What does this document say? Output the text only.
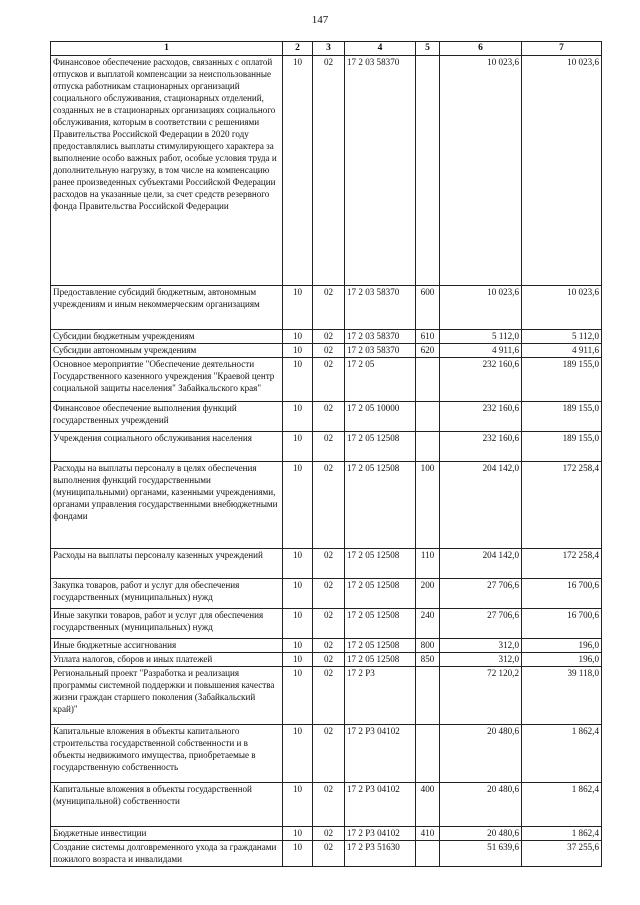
147
1	2	3	4	5	6	7
Финансовое обеспечение расходов, связанных с оплатой отпусков и выплатой компенсации за неиспользованные отпуска работникам стационарных организаций социального обслуживания, стационарных отделений, созданных не в стационарных организациях социального обслуживания, которым в соответствии с решениями Правительства Российской Федерации в 2020 году предоставлялись выплаты стимулирующего характера за выполнение особо важных работ, особые условия труда и дополнительную нагрузку, в том числе на компенсацию ранее произведенных субъектами Российской Федерации расходов на указанные цели, за счет средств резервного фонда Правительства Российской Федерации	10	02	17 2 03 58370		10 023,6	10 023,6
Предоставление субсидий бюджетным, автономным учреждениям и иным некоммерческим организациям	10	02	17 2 03 58370	600	10 023,6	10 023,6
Субсидии бюджетным учреждениям	10	02	17 2 03 58370	610	5 112,0	5 112,0
Субсидии автономным учреждениям	10	02	17 2 03 58370	620	4 911,6	4 911,6
Основное мероприятие "Обеспечение деятельности Государственного казенного учреждения "Краевой центр социальной защиты населения" Забайкальского края"	10	02	17 2 05		232 160,6	189 155,0
Финансовое обеспечение выполнения функций государственных учреждений	10	02	17 2 05 10000		232 160,6	189 155,0
Учреждения социального обслуживания населения	10	02	17 2 05 12508		232 160,6	189 155,0
Расходы на выплаты персоналу в целях обеспечения выполнения функций государственными (муниципальными) органами, казенными учреждениями, органами управления государственными внебюджетными фондами	10	02	17 2 05 12508	100	204 142,0	172 258,4
Расходы на выплаты персоналу казенных учреждений	10	02	17 2 05 12508	110	204 142,0	172 258,4
Закупка товаров, работ и услуг для обеспечения государственных (муниципальных) нужд	10	02	17 2 05 12508	200	27 706,6	16 700,6
Иные закупки товаров, работ и услуг для обеспечения государственных (муниципальных) нужд	10	02	17 2 05 12508	240	27 706,6	16 700,6
Иные бюджетные ассигнования	10	02	17 2 05 12508	800	312,0	196,0
Уплата налогов, сборов и иных платежей	10	02	17 2 05 12508	850	312,0	196,0
Региональный проект "Разработка и реализация программы системной поддержки и повышения качества жизни граждан старшего поколения (Забайкальский край)"	10	02	17 2 P3		72 120,2	39 118,0
Капитальные вложения в объекты капитального строительства государственной собственности и в объекты недвижимого имущества, приобретаемые в государственную собственность	10	02	17 2 P3 04102		20 480,6	1 862,4
Капитальные вложения в объекты государственной (муниципальной) собственности	10	02	17 2 P3 04102	400	20 480,6	1 862,4
Бюджетные инвестиции	10	02	17 2 P3 04102	410	20 480,6	1 862,4
Создание системы долговременного ухода за гражданами пожилого возраста и инвалидами	10	02	17 2 P3 51630		51 639,6	37 255,6
